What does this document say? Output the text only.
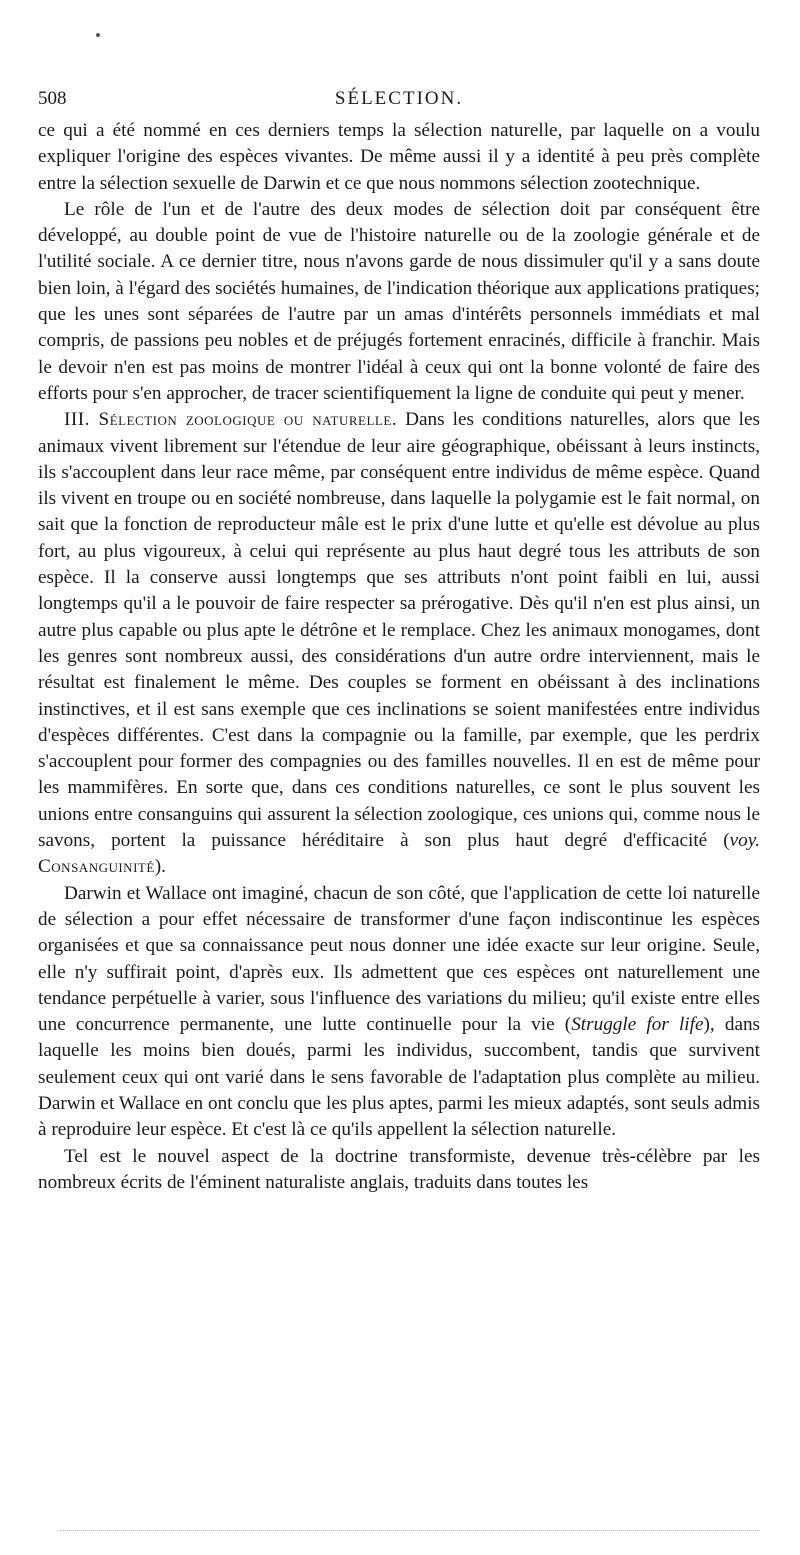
508	SÉLECTION.

ce qui a été nommé en ces derniers temps la sélection naturelle, par laquelle on a voulu expliquer l'origine des espèces vivantes. De même aussi il y a identité à peu près complète entre la sélection sexuelle de Darwin et ce que nous nommons sélection zootechnique.

Le rôle de l'un et de l'autre des deux modes de sélection doit par conséquent être développé, au double point de vue de l'histoire naturelle ou de la zoologie générale et de l'utilité sociale. A ce dernier titre, nous n'avons garde de nous dissimuler qu'il y a sans doute bien loin, à l'égard des sociétés humaines, de l'indication théorique aux applications pratiques; que les unes sont séparées de l'autre par un amas d'intérêts personnels immédiats et mal compris, de passions peu nobles et de préjugés fortement enracinés, difficile à franchir. Mais le devoir n'en est pas moins de montrer l'idéal à ceux qui ont la bonne volonté de faire des efforts pour s'en approcher, de tracer scientifiquement la ligne de conduite qui peut y mener.

III. Sélection zoologique ou naturelle. Dans les conditions naturelles, alors que les animaux vivent librement sur l'étendue de leur aire géographique, obéissant à leurs instincts, ils s'accouplent dans leur race même, par conséquent entre individus de même espèce. Quand ils vivent en troupe ou en société nombreuse, dans laquelle la polygamie est le fait normal, on sait que la fonction de reproducteur mâle est le prix d'une lutte et qu'elle est dévolue au plus fort, au plus vigoureux, à celui qui représente au plus haut degré tous les attributs de son espèce. Il la conserve aussi longtemps que ses attributs n'ont point faibli en lui, aussi longtemps qu'il a le pouvoir de faire respecter sa prérogative. Dès qu'il n'en est plus ainsi, un autre plus capable ou plus apte le détrône et le remplace. Chez les animaux monogames, dont les genres sont nombreux aussi, des considérations d'un autre ordre interviennent, mais le résultat est finalement le même. Des couples se forment en obéissant à des inclinations instinctives, et il est sans exemple que ces inclinations se soient manifestées entre individus d'espèces différentes. C'est dans la compagnie ou la famille, par exemple, que les perdrix s'accouplent pour former des compagnies ou des familles nouvelles. Il en est de même pour les mammifères. En sorte que, dans ces conditions naturelles, ce sont le plus souvent les unions entre consanguins qui assurent la sélection zoologique, ces unions qui, comme nous le savons, portent la puissance héréditaire à son plus haut degré d'efficacité (voy. Consanguinité).

Darwin et Wallace ont imaginé, chacun de son côté, que l'application de cette loi naturelle de sélection a pour effet nécessaire de transformer d'une façon indiscontinue les espèces organisées et que sa connaissance peut nous donner une idée exacte sur leur origine. Seule, elle n'y suffirait point, d'après eux. Ils admettent que ces espèces ont naturellement une tendance perpétuelle à varier, sous l'influence des variations du milieu; qu'il existe entre elles une concurrence permanente, une lutte continuelle pour la vie (Struggle for life), dans laquelle les moins bien doués, parmi les individus, succombent, tandis que survivent seulement ceux qui ont varié dans le sens favorable de l'adaptation plus complète au milieu. Darwin et Wallace en ont conclu que les plus aptes, parmi les mieux adaptés, sont seuls admis à reproduire leur espèce. Et c'est là ce qu'ils appellent la sélection naturelle.

Tel est le nouvel aspect de la doctrine transformiste, devenue très-célèbre par les nombreux écrits de l'éminent naturaliste anglais, traduits dans toutes les
